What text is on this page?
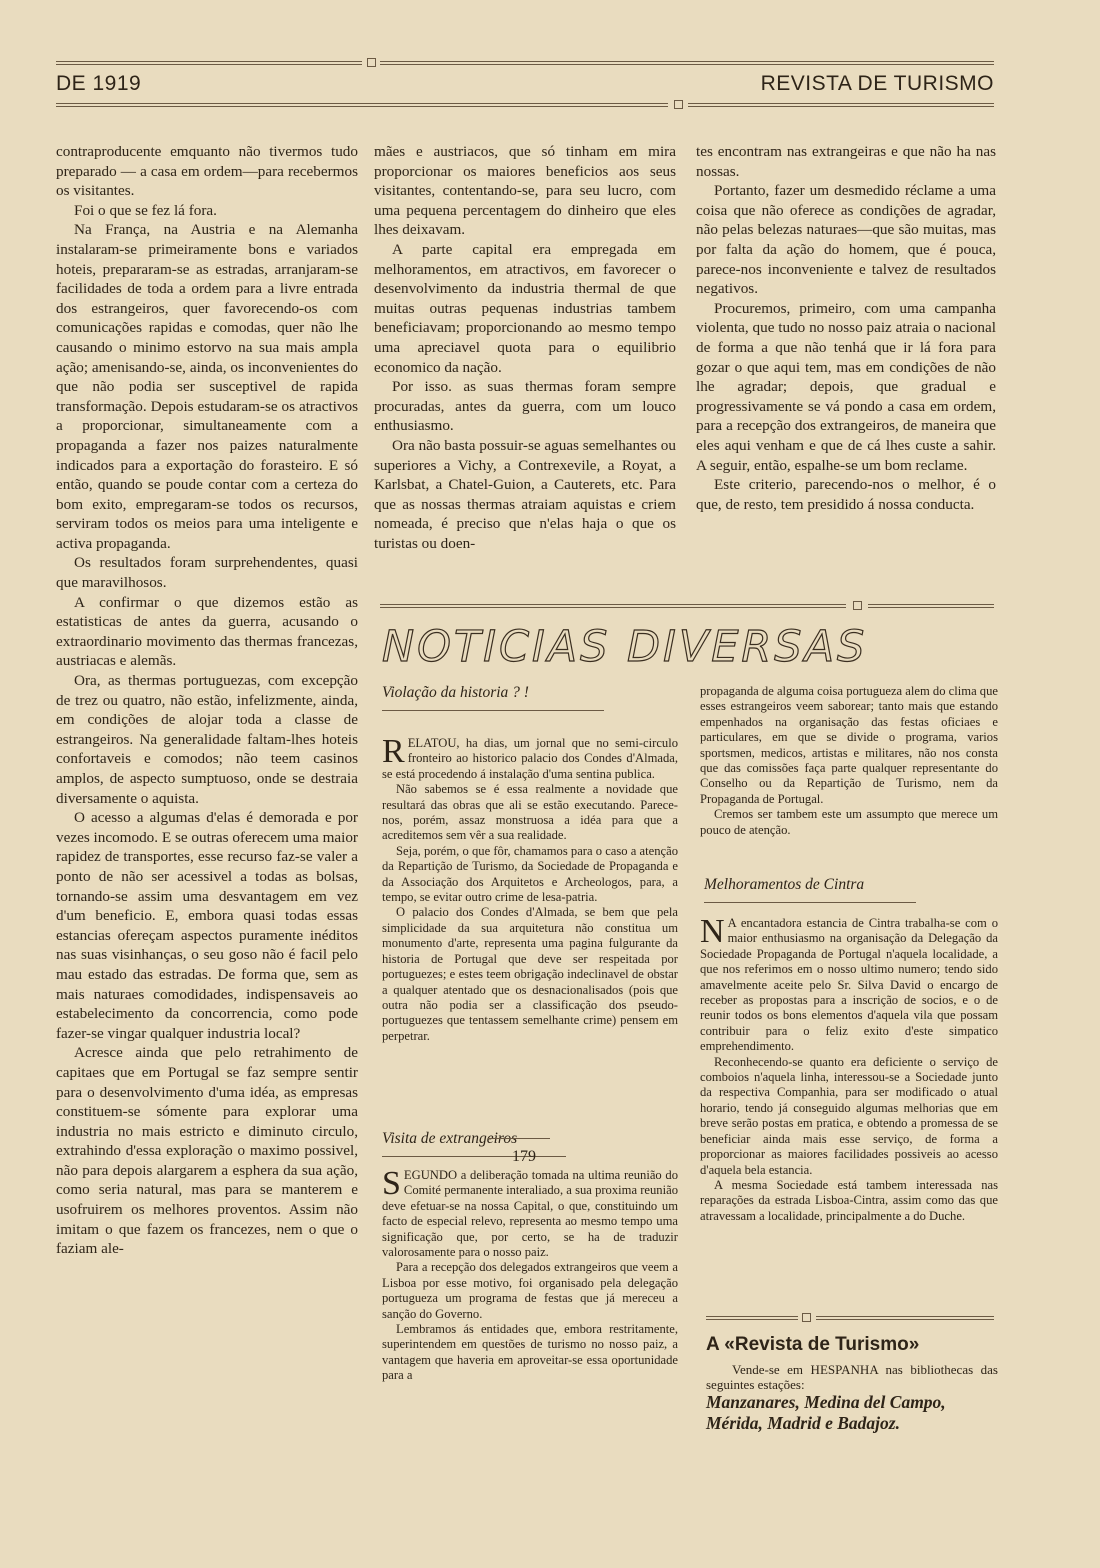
DE 1919	REVISTA DE TURISMO

contraproducente emquanto não tivermos tudo preparado — a casa em ordem—para recebermos os visitantes.

Foi o que se fez lá fora.

Na França, na Austria e na Alemanha instalaram-se primeiramente bons e variados hoteis, prepararam-se as estradas, arranjaram-se facilidades de toda a ordem para a livre entrada dos estrangeiros, quer favorecendo-os com comunicações rapidas e comodas, quer não lhe causando o minimo estorvo na sua mais ampla ação; amenisando-se, ainda, os inconvenientes do que não podia ser susceptivel de rapida transformação. Depois estudaram-se os atractivos a proporcionar, simultaneamente com a propaganda a fazer nos paizes naturalmente indicados para a exportação do forasteiro. E só então, quando se poude contar com a certeza do bom exito, empregaram-se todos os recursos, serviram todos os meios para uma inteligente e activa propaganda.

Os resultados foram surprehendentes, quasi que maravilhosos.

A confirmar o que dizemos estão as estatisticas de antes da guerra, acusando o extraordinario movimento das thermas francezas, austriacas e alemãs.

Ora, as thermas portuguezas, com excepção de trez ou quatro, não estão, infelizmente, ainda, em condições de alojar toda a classe de estrangeiros. Na generalidade faltam-lhes hoteis confortaveis e comodos; não teem casinos amplos, de aspecto sumptuoso, onde se destraia diversamente o aquista.

O acesso a algumas d'elas é demorada e por vezes incomodo. E se outras oferecem uma maior rapidez de transportes, esse recurso faz-se valer a ponto de não ser acessivel a todas as bolsas, tornando-se assim uma desvantagem em vez d'um beneficio. E, embora quasi todas essas estancias ofereçam aspectos puramente inéditos nas suas visinhanças, o seu goso não é facil pelo mau estado das estradas. De forma que, sem as mais naturaes comodidades, indispensaveis ao estabelecimento da concorrencia, como pode fazer-se vingar qualquer industria local?

Acresce ainda que pelo retrahimento de capitaes que em Portugal se faz sempre sentir para o desenvolvimento d'uma idéa, as empresas constituem-se sómente para explorar uma industria no mais estricto e diminuto circulo, extrahindo d'essa exploração o maximo possivel, não para depois alargarem a esphera da sua ação, como seria natural, mas para se manterem e usofruirem os melhores proventos. Assim não imitam o que fazem os francezes, nem o que o faziam ale-

mães e austriacos, que só tinham em mira proporcionar os maiores beneficios aos seus visitantes, contentando-se, para seu lucro, com uma pequena percentagem do dinheiro que eles lhes deixavam.

A parte capital era empregada em melhoramentos, em atractivos, em favorecer o desenvolvimento da industria thermal de que muitas outras pequenas industrias tambem beneficiavam; proporcionando ao mesmo tempo uma apreciavel quota para o equilibrio economico da nação.

Por isso. as suas thermas foram sempre procuradas, antes da guerra, com um louco enthusiasmo.

Ora não basta possuir-se aguas semelhantes ou superiores a Vichy, a Contrexevile, a Royat, a Karlsbat, a Chatel-Guion, a Cauterets, etc. Para que as nossas thermas atraiam aquistas e criem nomeada, é preciso que n'elas haja o que os turistas ou doen-

tes encontram nas extrangeiras e que não ha nas nossas.

Portanto, fazer um desmedido réclame a uma coisa que não oferece as condições de agradar, não pelas belezas naturaes—que são muitas, mas por falta da ação do homem, que é pouca, parece-nos inconveniente e talvez de resultados negativos.

Procuremos, primeiro, com uma campanha violenta, que tudo no nosso paiz atraia o nacional de forma a que não tenhá que ir lá fora para gozar o que aqui tem, mas em condições de não lhe agradar; depois, que gradual e progressivamente se vá pondo a casa em ordem, para a recepção dos extrangeiros, de maneira que eles aqui venham e que de cá lhes custe a sahir. A seguir, então, espalhe-se um bom reclame.

Este criterio, parecendo-nos o melhor, é o que, de resto, tem presidido á nossa conducta.

NOTICIAS DIVERSAS
Violação da historia ? !

RELATOU, ha dias, um jornal que no semi-circulo fronteiro ao historico palacio dos Condes d'Almada, se está procedendo á instalação d'uma sentina publica.

Não sabemos se é essa realmente a novidade que resultará das obras que ali se estão executando. Parece-nos, porém, assaz monstruosa a idéa para que a acreditemos sem vêr a sua realidade.

Seja, porém, o que fôr, chamamos para o caso a atenção da Repartição de Turismo, da Sociedade de Propaganda e da Associação dos Arquitetos e Archeologos, para, a tempo, se evitar outro crime de lesa-patria.

O palacio dos Condes d'Almada, se bem que pela simplicidade da sua arquitetura não constitua um monumento d'arte, representa uma pagina fulgurante da historia de Portugal que deve ser respeitada por portuguezes; e estes teem obrigação indeclinavel de obstar a qualquer atentado que os desnacionalisados (pois que outra não podia ser a classificação dos pseudo-portuguezes que tentassem semelhante crime) pensem em perpetrar.

Visita de extrangeiros

SEGUNDO a deliberação tomada na ultima reunião do Comité permanente interaliado, a sua proxima reunião deve efetuar-se na nossa Capital, o que, constituindo um facto de especial relevo, representa ao mesmo tempo uma significação que, por certo, se ha de traduzir valorosamente para o nosso paiz.

Para a recepção dos delegados extrangeiros que veem a Lisboa por esse motivo, foi organisado pela delegação portugueza um programa de festas que já mereceu a sanção do Governo.

Lembramos ás entidades que, embora restritamente, superintendem em questões de turismo no nosso paiz, a vantagem que haveria em aproveitar-se essa oportunidade para a

propaganda de alguma coisa portugueza alem do clima que esses estrangeiros veem saborear; tanto mais que estando empenhados na organisação das festas oficiaes e particulares, em que se divide o programa, varios sportsmen, medicos, artistas e militares, não nos consta que das comissões faça parte qualquer representante do Conselho ou da Repartição de Turismo, nem da Propaganda de Portugal.

Cremos ser tambem este um assumpto que merece um pouco de atenção.

Melhoramentos de Cintra

N A encantadora estancia de Cintra trabalha-se com o maior enthusiasmo na organisação da Delegação da Sociedade Propaganda de Portugal n'aquela localidade, a que nos referimos em o nosso ultimo numero; tendo sido amavelmente aceite pelo Sr. Silva David o encargo de receber as propostas para a inscrição de socios, e o de reunir todos os bons elementos d'aquela vila que possam contribuir para o feliz exito d'este simpatico emprehendimento.

Reconhecendo-se quanto era deficiente o serviço de comboios n'aquela linha, interessou-se a Sociedade junto da respectiva Companhia, para ser modificado o atual horario, tendo já conseguido algumas melhorias que em breve serão postas em pratica, e obtendo a promessa de se beneficiar ainda mais esse serviço, de forma a proporcionar as maiores facilidades possiveis ao acesso d'aquela bela estancia.

A mesma Sociedade está tambem interessada nas reparações da estrada Lisboa-Cintra, assim como das que atravessam a localidade, principalmente a do Duche.

A «Revista de Turismo»
Vende-se em HESPANHA nas bibliothecas das seguintes estações:
Manzanares, Medina del Campo, Mérida, Madrid e Badajoz.
179
